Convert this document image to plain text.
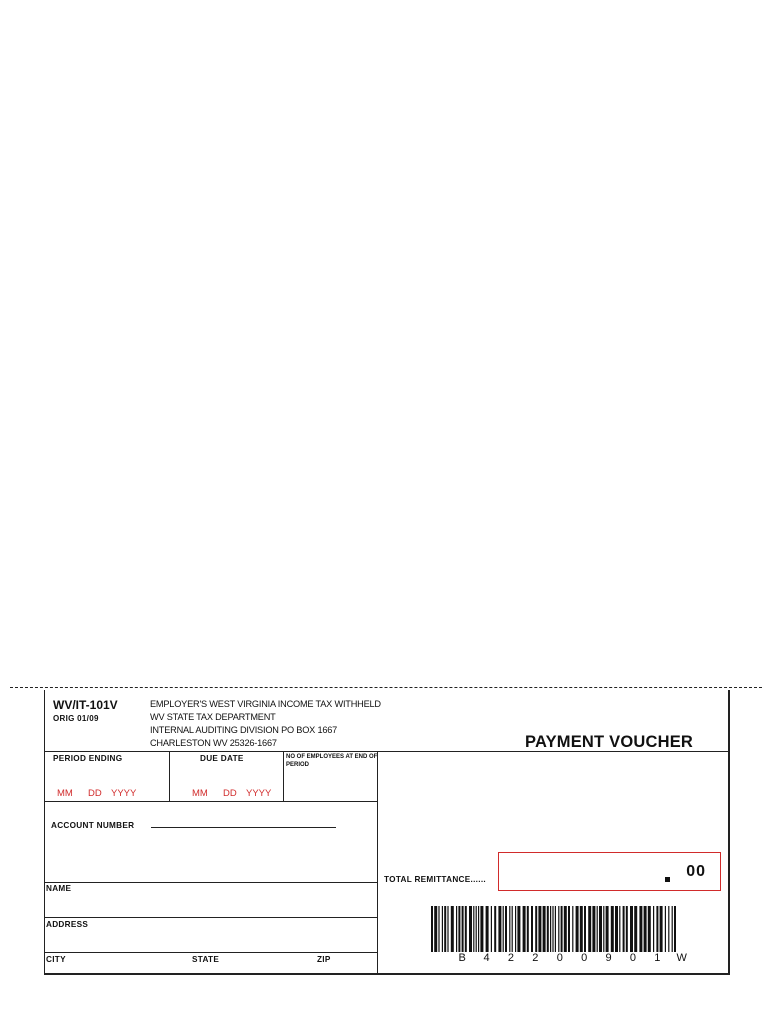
WV/IT-101V
ORIG 01/09
EMPLOYER'S WEST VIRGINIA INCOME TAX WITHHELD
WV STATE TAX DEPARTMENT
INTERNAL AUDITING DIVISION PO BOX 1667
CHARLESTON WV 25326-1667	PAYMENT VOUCHER
PERIOD ENDING
MM DD YYYY
DUE DATE
MM DD YYYY
NO OF EMPLOYEES AT END OF PERIOD
ACCOUNT NUMBER
NAME
ADDRESS
CITY	STATE	ZIP
TOTAL REMITTANCE......	00
B	4	2	2	0	0	9	0	1	W
